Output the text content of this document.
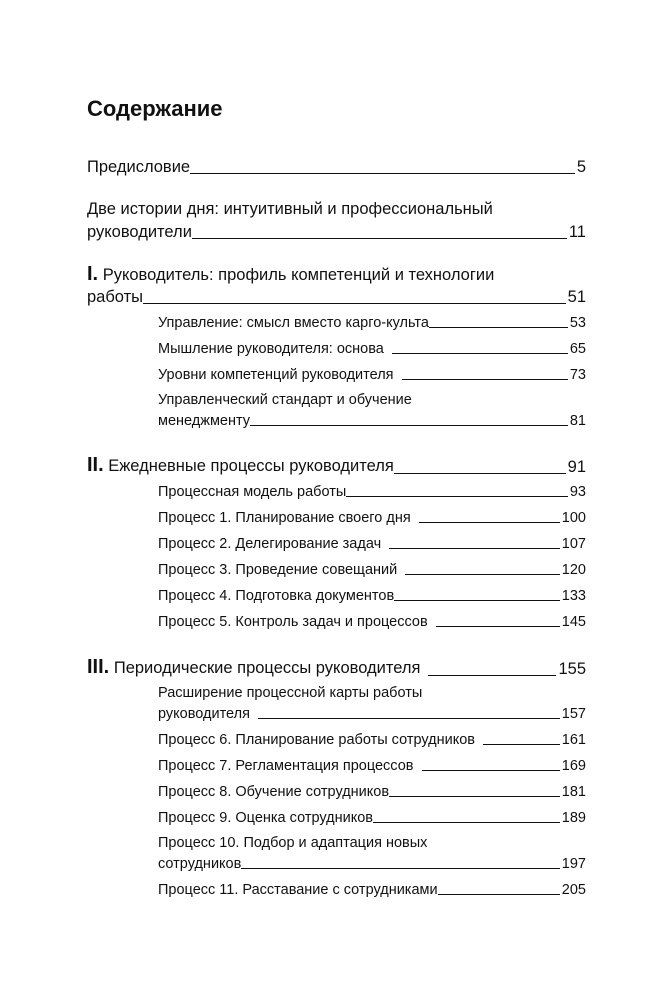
Содержание
Предисловие	5
Две истории дня: интуитивный и профессиональный
руководители	11
I. Руководитель: профиль компетенций и технологии
работы	51
Управление: смысл вместо карго-культа	53
Мышление руководителя: основа	65
Уровни компетенций руководителя	73
Управленческий стандарт и обучение
менеджменту	81
II. Ежедневные процессы руководителя	91
Процессная модель работы	93
Процесс 1. Планирование своего дня	100
Процесс 2. Делегирование задач	107
Процесс 3. Проведение совещаний	120
Процесс 4. Подготовка документов	133
Процесс 5. Контроль задач и процессов	145
III. Периодические процессы руководителя	155
Расширение процессной карты работы
руководителя	157
Процесс 6. Планирование работы сотрудников	161
Процесс 7. Регламентация процессов	169
Процесс 8. Обучение сотрудников	181
Процесс 9. Оценка сотрудников	189
Процесс 10. Подбор и адаптация новых
сотрудников	197
Процесс 11. Расставание с сотрудниками	205
